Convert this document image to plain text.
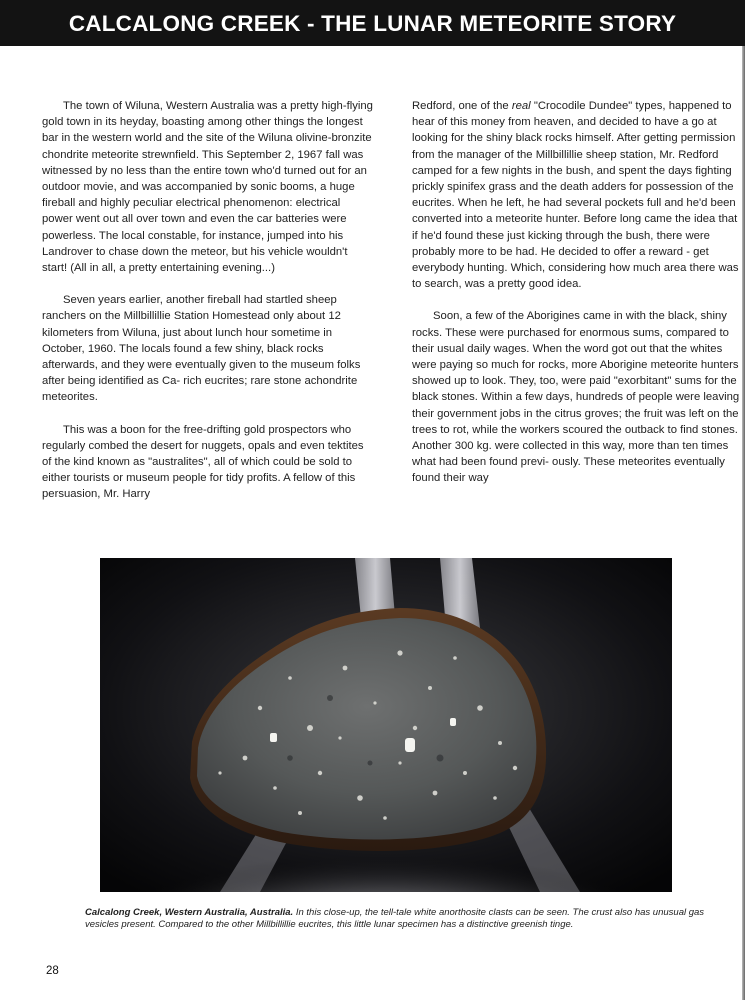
CALCALONG CREEK - THE LUNAR METEORITE STORY

The town of Wiluna, Western Australia was a pretty high-flying gold town in its heyday, boasting among other things the longest bar in the western world and the site of the Wiluna olivine-bronzite chondrite meteorite strewnfield. This September 2, 1967 fall was witnessed by no less than the entire town who'd turned out for an outdoor movie, and was accompanied by sonic booms, a huge fireball and highly peculiar electrical phenomenon: electrical power went out all over town and even the car batteries were powerless. The local constable, for instance, jumped into his Landrover to chase down the meteor, but his vehicle wouldn't start! (All in all, a pretty entertaining evening...)

Seven years earlier, another fireball had startled sheep ranchers on the Millbillillie Station Homestead only about 12 kilometers from Wiluna, just about lunch hour sometime in October, 1960. The locals found a few shiny, black rocks afterwards, and they were eventually given to the museum folks after being identified as Ca- rich eucrites; rare stone achondrite meteorites.

This was a boon for the free-drifting gold prospectors who regularly combed the desert for nuggets, opals and even tektites of the kind known as "australites", all of which could be sold to either tourists or museum people for tidy profits. A fellow of this persuasion, Mr. Harry

Redford, one of the real "Crocodile Dundee" types, happened to hear of this money from heaven, and decided to have a go at looking for the shiny black rocks himself. After getting permission from the manager of the Millbillillie sheep station, Mr. Redford camped for a few nights in the bush, and spent the days fighting prickly spinifex grass and the death adders for possession of the eucrites. When he left, he had several pockets full and he'd been converted into a meteorite hunter. Before long came the idea that if he'd found these just kicking through the bush, there were probably more to be had. He decided to offer a reward - get everybody hunting. Which, considering how much area there was to search, was a pretty good idea.

Soon, a few of the Aborigines came in with the black, shiny rocks. These were purchased for enormous sums, compared to their usual daily wages. When the word got out that the whites were paying so much for rocks, more Aborigine meteorite hunters showed up to look. They, too, were paid "exorbitant" sums for the black stones. Within a few days, hundreds of people were leaving their government jobs in the citrus groves; the fruit was left on the trees to rot, while the workers scoured the outback to find stones. Another 300 kg. were collected in this way, more than ten times what had been found previ- ously. These meteorites eventually found their way

Calcalong Creek, Western Australia, Australia. In this close-up, the tell-tale white anorthosite clasts can be seen. The crust also has unusual gas vesicles present. Compared to the other Millbillillie eucrites, this little lunar specimen has a distinctive greenish tinge.
28
